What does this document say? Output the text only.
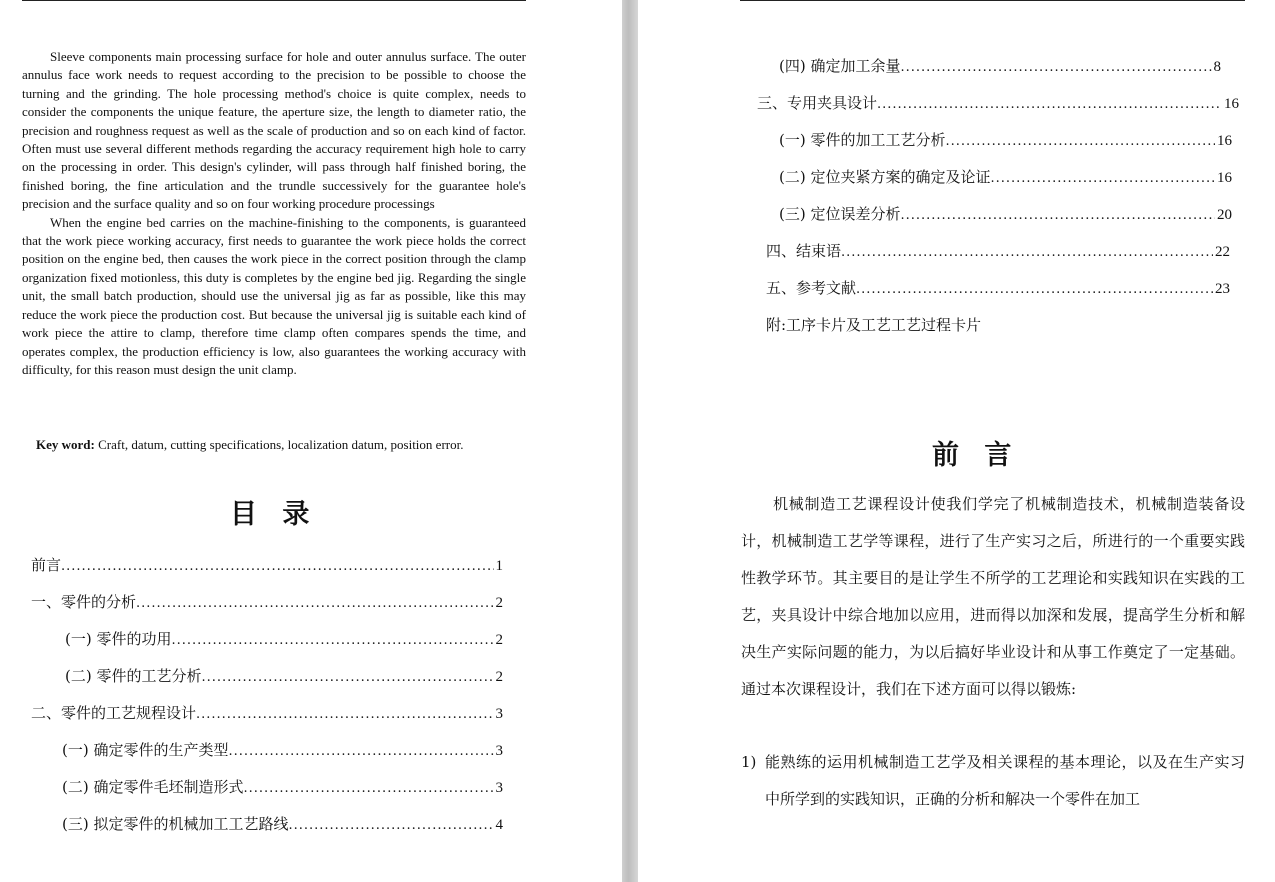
Sleeve components main processing surface for hole and outer annulus surface. The outer annulus face work needs to request according to the precision to be possible to choose the turning and the grinding. The hole processing method's choice is quite complex, needs to consider the components the unique feature, the aperture size, the length to diameter ratio, the precision and roughness request as well as the scale of production and so on each kind of factor. Often must use several different methods regarding the accuracy requirement high hole to carry on the processing in order. This design's cylinder, will pass through half finished boring, the finished boring, the fine articulation and the trundle successively for the guarantee hole's precision and the surface quality and so on four working procedure processings

When the engine bed carries on the machine-finishing to the components, is guaranteed that the work piece working accuracy, first needs to guarantee the work piece holds the correct position on the engine bed, then causes the work piece in the correct position through the clamp organization fixed motionless, this duty is completes by the engine bed jig. Regarding the single unit, the small batch production, should use the universal jig as far as possible, like this may reduce the work piece the production cost. But because the universal jig is suitable each kind of work piece the attire to clamp, therefore time clamp often compares spends the time, and operates complex, the production efficiency is low, also guarantees the working accuracy with difficulty, for this reason must design the unit clamp.

Key word: Craft, datum, cutting specifications, localization datum, position error.
目 录
前言 .....	1
一、零件的分析 .....	2
(一) 零件的功用 .....	2
(二) 零件的工艺分析 .....	2
二、零件的工艺规程设计 .....	3
(一) 确定零件的生产类型 .....	3
(二) 确定零件毛坯制造形式 .....	3
(三) 拟定零件的机械加工工艺路线 .....	4
(四) 确定加工余量 .....	8
三、专用夹具设计 .....	16
(一) 零件的加工工艺分析 .....	16
(二) 定位夹紧方案的确定及论证 .....	16
(三) 定位误差分析 .....	20
四、结束语 .....	22
五、参考文献 .....	23
附:工序卡片及工艺工艺过程卡片
前 言

机械制造工艺课程设计使我们学完了机械制造技术，机械制造装备设计，机械制造工艺学等课程，进行了生产实习之后，所进行的一个重要实践性教学环节。其主要目的是让学生不所学的工艺理论和实践知识在实践的工艺，夹具设计中综合地加以应用，进而得以加深和发展，提高学生分析和解决生产实际问题的能力，为以后搞好毕业设计和从事工作奠定了一定基础。通过本次课程设计，我们在下述方面可以得以锻炼:

1) 能熟练的运用机械制造工艺学及相关课程的基本理论，以及在生产实习 中所学到的实践知识，正确的分析和解决一个零件在加工
